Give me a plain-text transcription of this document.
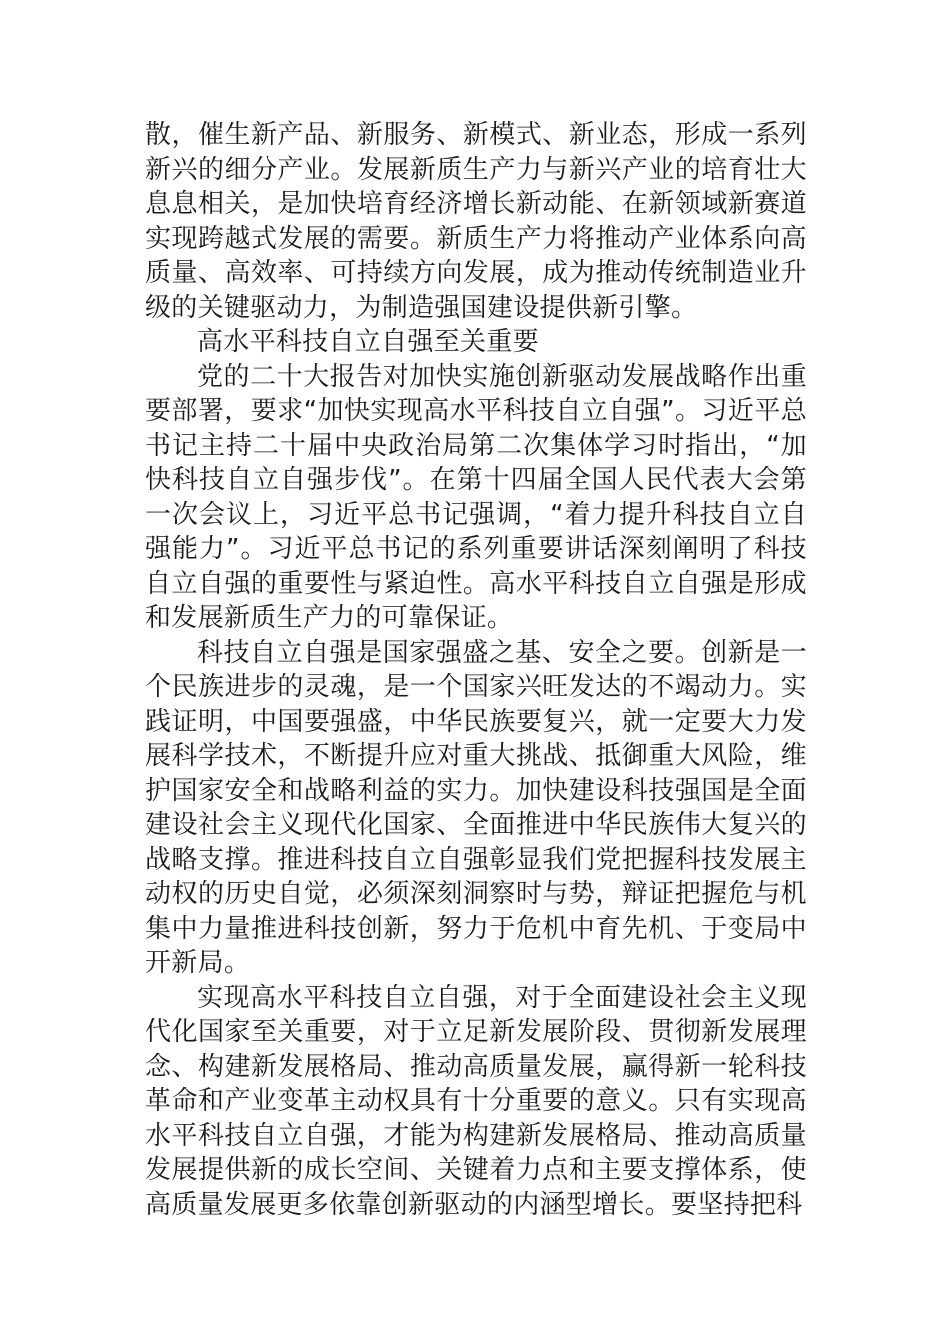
散，催生新产品、新服务、新模式、新业态，形成一系列新兴的细分产业。发展新质生产力与新兴产业的培育壮大息息相关，是加快培育经济增长新动能、在新领域新赛道实现跨越式发展的需要。新质生产力将推动产业体系向高质量、高效率、可持续方向发展，成为推动传统制造业升级的关键驱动力，为制造强国建设提供新引擎。

高水平科技自立自强至关重要

党的二十大报告对加快实施创新驱动发展战略作出重要部署，要求“加快实现高水平科技自立自强”。习近平总书记主持二十届中央政治局第二次集体学习时指出，“加快科技自立自强步伐”。在第十四届全国人民代表大会第一次会议上，习近平总书记强调，“着力提升科技自立自强能力”。习近平总书记的系列重要讲话深刻阐明了科技自立自强的重要性与紧迫性。高水平科技自立自强是形成和发展新质生产力的可靠保证。

科技自立自强是国家强盛之基、安全之要。创新是一个民族进步的灵魂，是一个国家兴旺发达的不竭动力。实践证明，中国要强盛，中华民族要复兴，就一定要大力发展科学技术，不断提升应对重大挑战、抵御重大风险，维护国家安全和战略利益的实力。加快建设科技强国是全面建设社会主义现代化国家、全面推进中华民族伟大复兴的战略支撑。推进科技自立自强彰显我们党把握科技发展主动权的历史自觉，必须深刻洞察时与势，辩证把握危与机集中力量推进科技创新，努力于危机中育先机、于变局中开新局。

实现高水平科技自立自强，对于全面建设社会主义现代化国家至关重要，对于立足新发展阶段、贯彻新发展理念、构建新发展格局、推动高质量发展，赢得新一轮科技革命和产业变革主动权具有十分重要的意义。只有实现高水平科技自立自强，才能为构建新发展格局、推动高质量发展提供新的成长空间、关键着力点和主要支撑体系，使高质量发展更多依靠创新驱动的内涵型增长。要坚持把科
